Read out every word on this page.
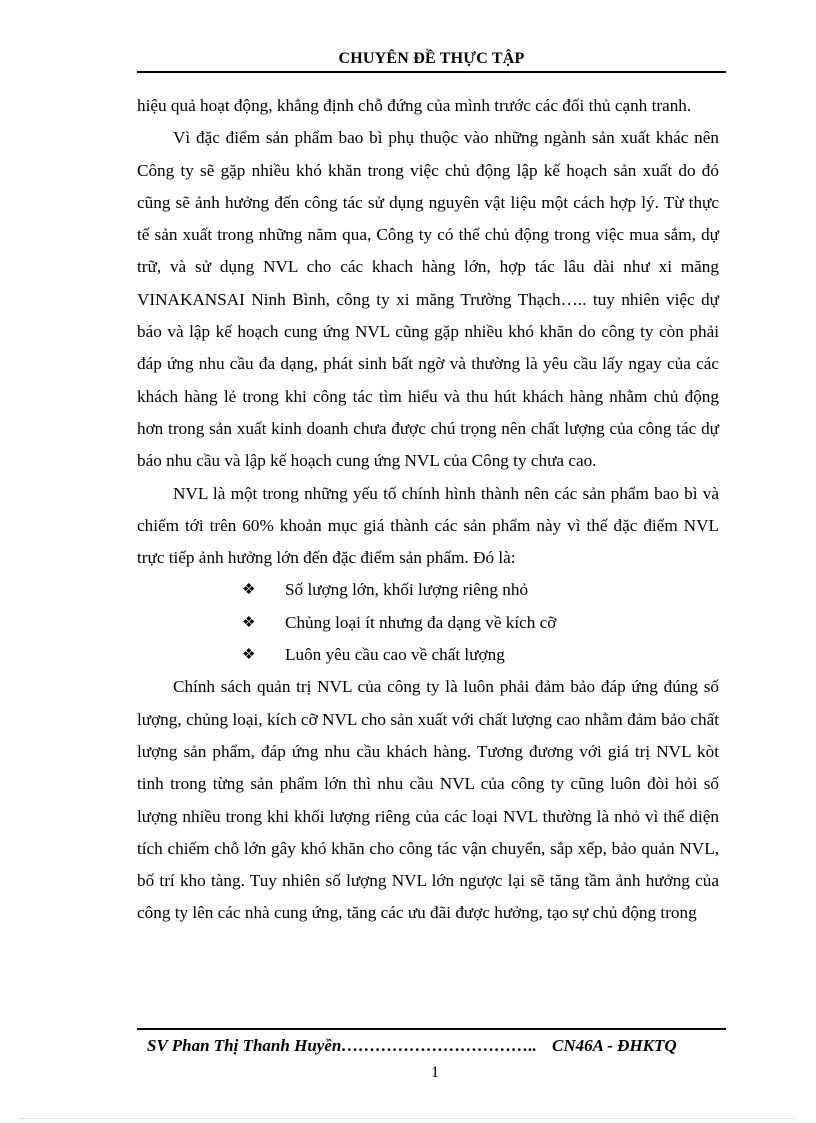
CHUYÊN ĐỀ THỰC TẬP

hiệu quả hoạt động, khẳng định chỗ đứng của mình trước các đối thủ cạnh tranh.

Vì đặc điểm sản phẩm bao bì phụ thuộc vào những ngành sản xuất khác nên Công ty sẽ gặp nhiều khó khăn trong việc chủ động lập kế hoạch sản xuất do đó cũng sẽ ảnh hưởng đến công tác sử dụng nguyên vật liệu một cách hợp lý. Từ thực tế sản xuất trong những năm qua, Công ty có thể chủ động trong việc mua sắm, dự trữ, và sử dụng NVL cho các khach hàng lớn, hợp tác lâu dài như xi măng VINAKANSAI Ninh Bình, công ty xi măng Trường Thạch….. tuy nhiên việc dự báo và lập kế hoạch cung ứng NVL cũng gặp nhiều khó khăn do công ty còn phải đáp ứng nhu cầu đa dạng, phát sinh bất ngờ và thường là yêu cầu lấy ngay của các khách hàng lẻ trong khi công tác tìm hiểu và thu hút khách hàng nhằm chủ động hơn trong sản xuất kinh doanh chưa được chú trọng nên chất lượng của công tác dự báo nhu cầu và lập kế hoạch cung ứng NVL của Công ty chưa cao.

NVL là một trong những yếu tố chính hình thành nên các sản phẩm bao bì và chiếm tới trên 60% khoản mục giá thành các sản phẩm này vì thế đặc điểm NVL trực tiếp ảnh hưởng lớn đến đặc điểm sản phẩm. Đó là:

❖ Số lượng lớn, khối lượng riêng nhỏ
❖ Chủng loại ít nhưng đa dạng về kích cỡ
❖ Luôn yêu cầu cao về chất lượng

Chính sách quản trị NVL của công ty là luôn phải đảm bảo đáp ứng đúng số lượng, chủng loại, kích cỡ NVL cho sản xuất với chất lượng cao nhằm đảm bảo chất lượng sản phẩm, đáp ứng nhu cầu khách hàng. Tương đương với giá trị NVL kòt tinh trong từng sản phẩm lớn thì nhu cầu NVL của công ty cũng luôn đòi hỏi số lượng nhiều trong khi khối lượng riêng của các loại NVL thường là nhỏ vì thế diện tích chiếm chỗ lớn gây khó khăn cho công tác vận chuyển, sắp xếp, bảo quản NVL, bố trí kho tàng. Tuy nhiên số lượng NVL lớn ngược lại sẽ tăng tầm ảnh hưởng của công ty lên các nhà cung ứng, tăng các ưu đãi được hưởng, tạo sự chủ động trong

SV Phan Thị Thanh Huyền…………………………….. CN46A - ĐHKTQ
1
